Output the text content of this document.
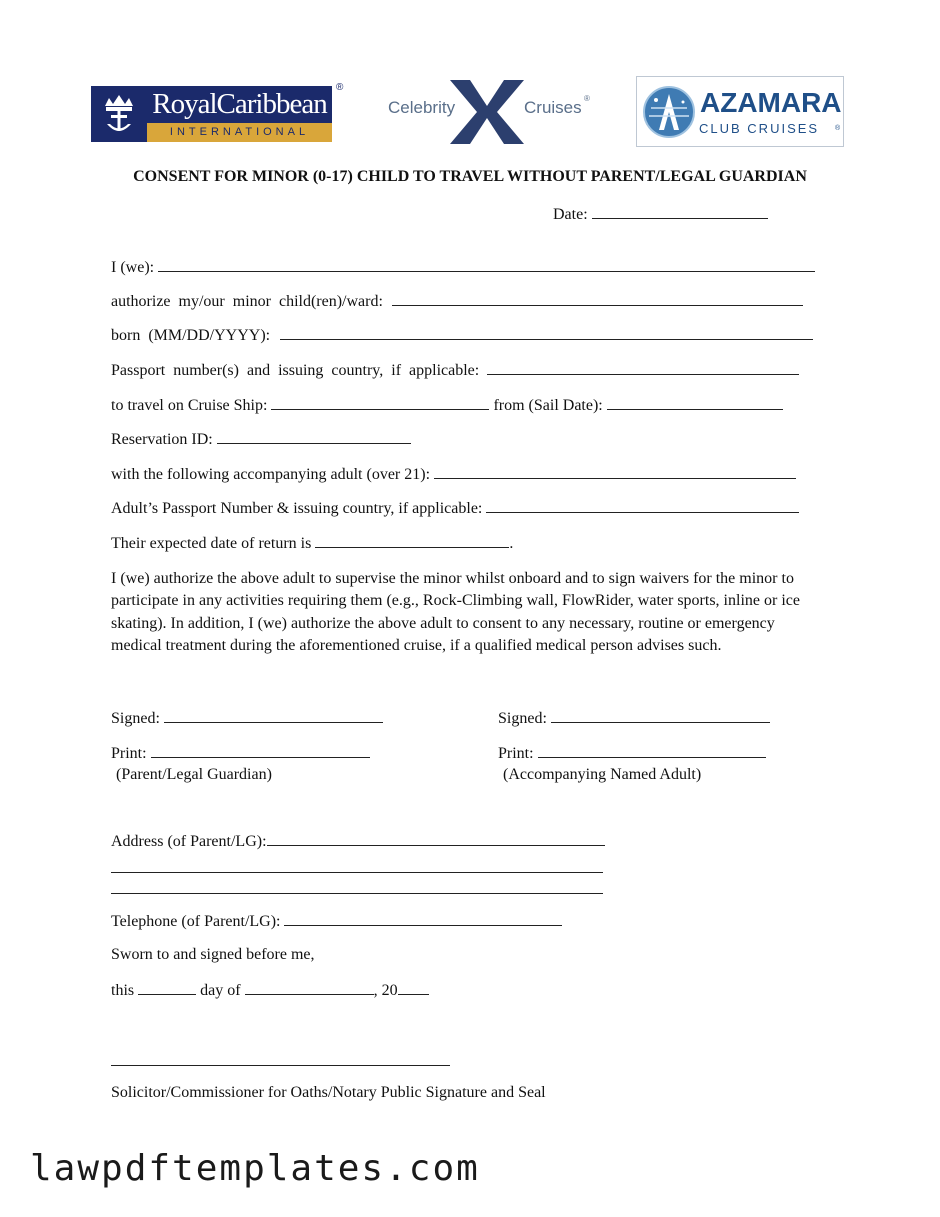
RoyalCaribbean
INTERNATIONAL
®
Celebrity	Cruises ®	AZAMARA
CLUB CRUISES ®
CONSENT FOR MINOR (0-17) CHILD TO TRAVEL WITHOUT PARENT/LEGAL GUARDIAN
Date:
I (we):
authorize  my/our  minor  child(ren)/ward:
born  (MM/DD/YYYY):
Passport  number(s)  and  issuing  country,  if  applicable:
to travel on Cruise Ship:	from (Sail Date):
Reservation ID:
with the following accompanying adult (over 21):
Adult’s Passport Number & issuing country, if applicable:
Their expected date of return is	.
I (we) authorize the above adult to supervise the minor whilst onboard and to sign waivers for the minor to participate in any activities requiring them (e.g., Rock-Climbing wall, FlowRider, water sports, inline or ice skating). In addition, I (we) authorize the above adult to consent to any necessary, routine or emergency medical treatment during the aforementioned cruise, if a qualified medical person advises such.
Signed:	Signed:
Print:	Print:
(Parent/Legal Guardian)	(Accompanying Named Adult)
Address (of Parent/LG):
Telephone (of Parent/LG):
Sworn to and signed before me,
this	day of	, 20
Solicitor/Commissioner for Oaths/Notary Public Signature and Seal
lawpdftemplates.com
